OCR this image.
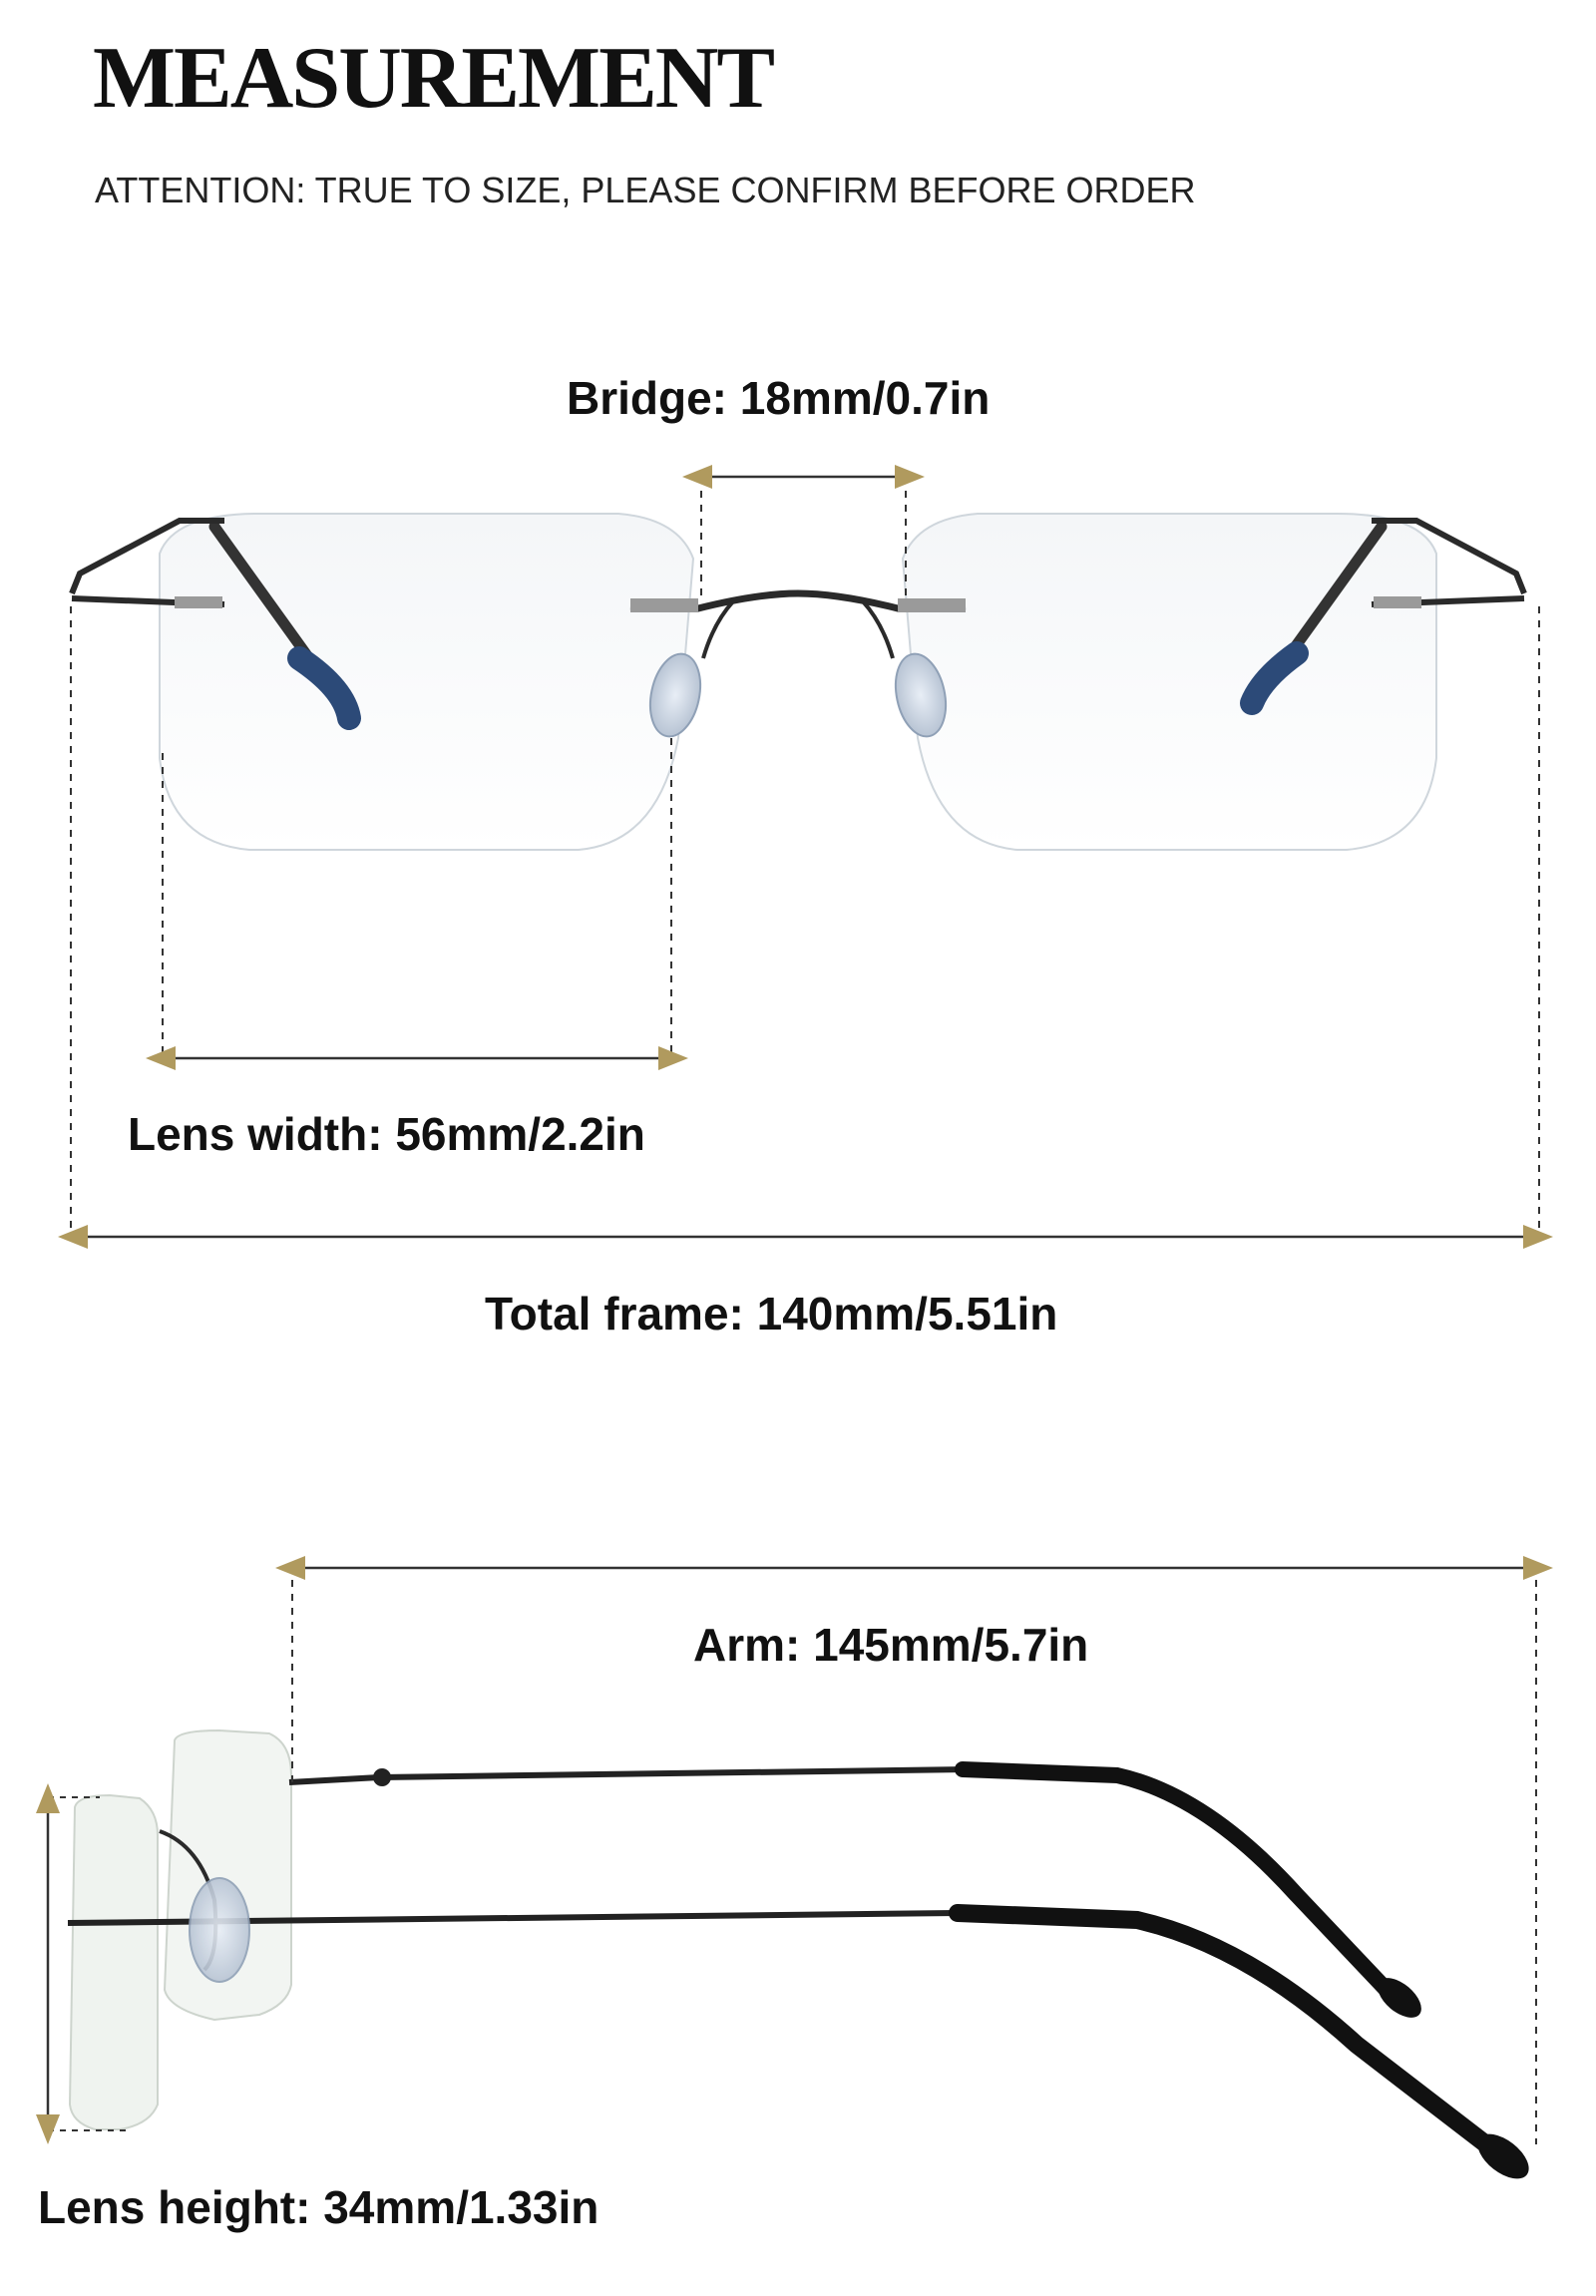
MEASUREMENT
ATTENTION: TRUE TO SIZE, PLEASE CONFIRM BEFORE ORDER
Bridge: 18mm/0.7in
Lens width: 56mm/2.2in
Total frame: 140mm/5.51in
Arm: 145mm/5.7in
Lens height: 34mm/1.33in
